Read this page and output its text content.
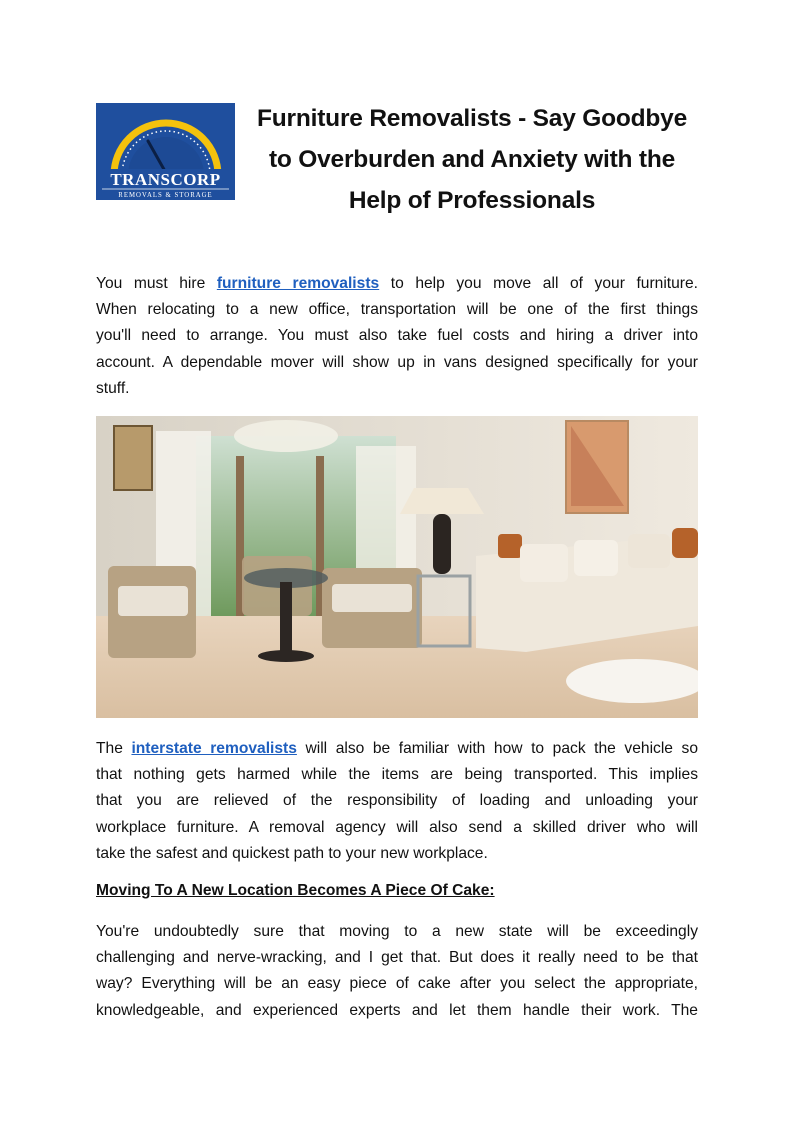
TRANSCORP
REMOVALS & STORAGE
Furniture Removalists - Say Goodbye
to Overburden and Anxiety with the
Help of Professionals

You must hire furniture removalists to help you move all of your furniture.
When relocating to a new office, transportation will be one of the first things
you'll need to arrange. You must also take fuel costs and hiring a driver into
account. A dependable mover will show up in vans designed specifically for your
stuff.

The interstate removalists will also be familiar with how to pack the vehicle so
that nothing gets harmed while the items are being transported. This implies
that you are relieved of the responsibility of loading and unloading your
workplace furniture. A removal agency will also send a skilled driver who will
take the safest and quickest path to your new workplace.

Moving To A New Location Becomes A Piece Of Cake:

You're undoubtedly sure that moving to a new state will be exceedingly
challenging and nerve-wracking, and I get that. But does it really need to be that
way? Everything will be an easy piece of cake after you select the appropriate,
knowledgeable, and experienced experts and let them handle their work. The
